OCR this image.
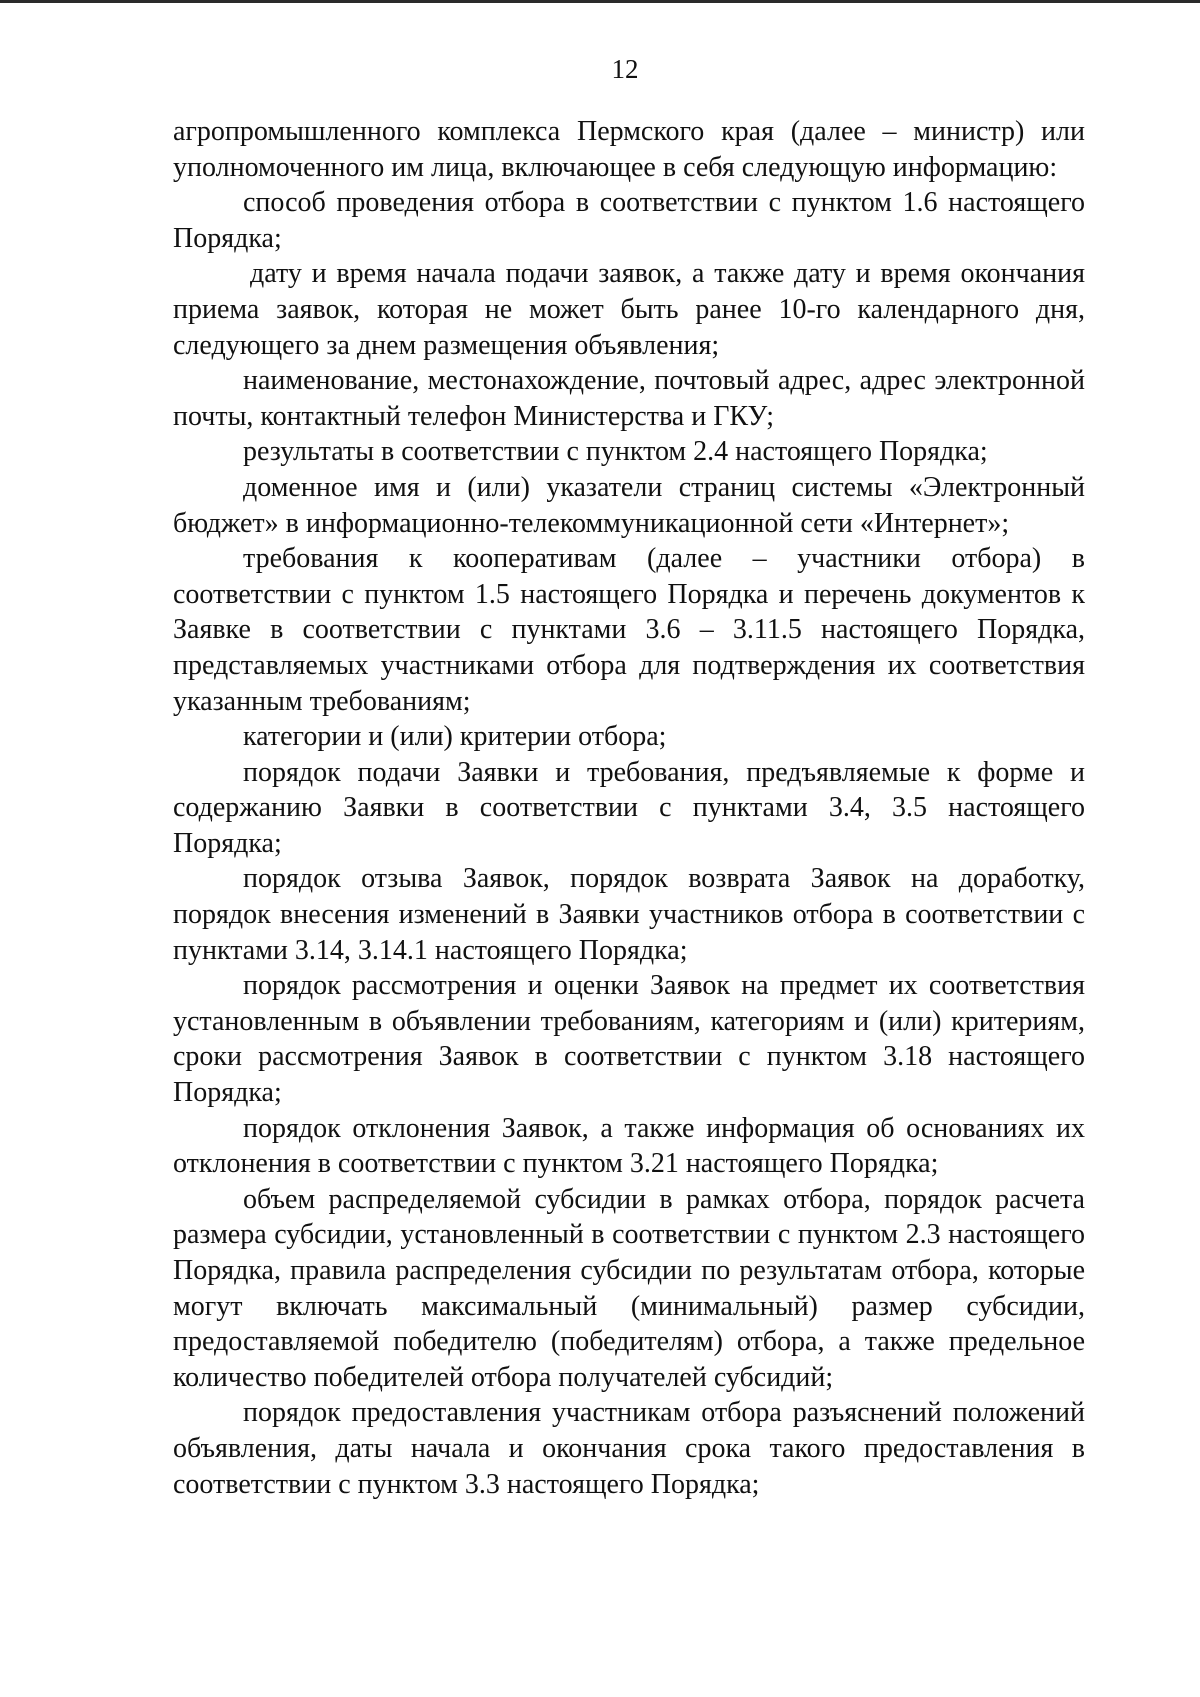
12

агропромышленного комплекса Пермского края (далее – министр) или уполномоченного им лица, включающее в себя следующую информацию:

способ проведения отбора в соответствии с пунктом 1.6 настоящего Порядка;

дату и время начала подачи заявок, а также дату и время окончания приема заявок, которая не может быть ранее 10-го календарного дня, следующего за днем размещения объявления;

наименование, местонахождение, почтовый адрес, адрес электронной почты, контактный телефон Министерства и ГКУ;

результаты в соответствии с пунктом 2.4 настоящего Порядка;

доменное имя и (или) указатели страниц системы «Электронный бюджет» в информационно-телекоммуникационной сети «Интернет»;

требования к кооперативам (далее – участники отбора) в соответствии с пунктом 1.5 настоящего Порядка и перечень документов к Заявке в соответствии с пунктами 3.6 – 3.11.5 настоящего Порядка, представляемых участниками отбора для подтверждения их соответствия указанным требованиям;

категории и (или) критерии отбора;

порядок подачи Заявки и требования, предъявляемые к форме и содержанию Заявки в соответствии с пунктами 3.4, 3.5 настоящего Порядка;

порядок отзыва Заявок, порядок возврата Заявок на доработку, порядок внесения изменений в Заявки участников отбора в соответствии с пунктами 3.14, 3.14.1 настоящего Порядка;

порядок рассмотрения и оценки Заявок на предмет их соответствия установленным в объявлении требованиям, категориям и (или) критериям, сроки рассмотрения Заявок в соответствии с пунктом 3.18 настоящего Порядка;

порядок отклонения Заявок, а также информация об основаниях их отклонения в соответствии с пунктом 3.21 настоящего Порядка;

объем распределяемой субсидии в рамках отбора, порядок расчета размера субсидии, установленный в соответствии с пунктом 2.3 настоящего Порядка, правила распределения субсидии по результатам отбора, которые могут включать максимальный (минимальный) размер субсидии, предоставляемой победителю (победителям) отбора, а также предельное количество победителей отбора получателей субсидий;

порядок предоставления участникам отбора разъяснений положений объявления, даты начала и окончания срока такого предоставления в соответствии с пунктом 3.3 настоящего Порядка;
